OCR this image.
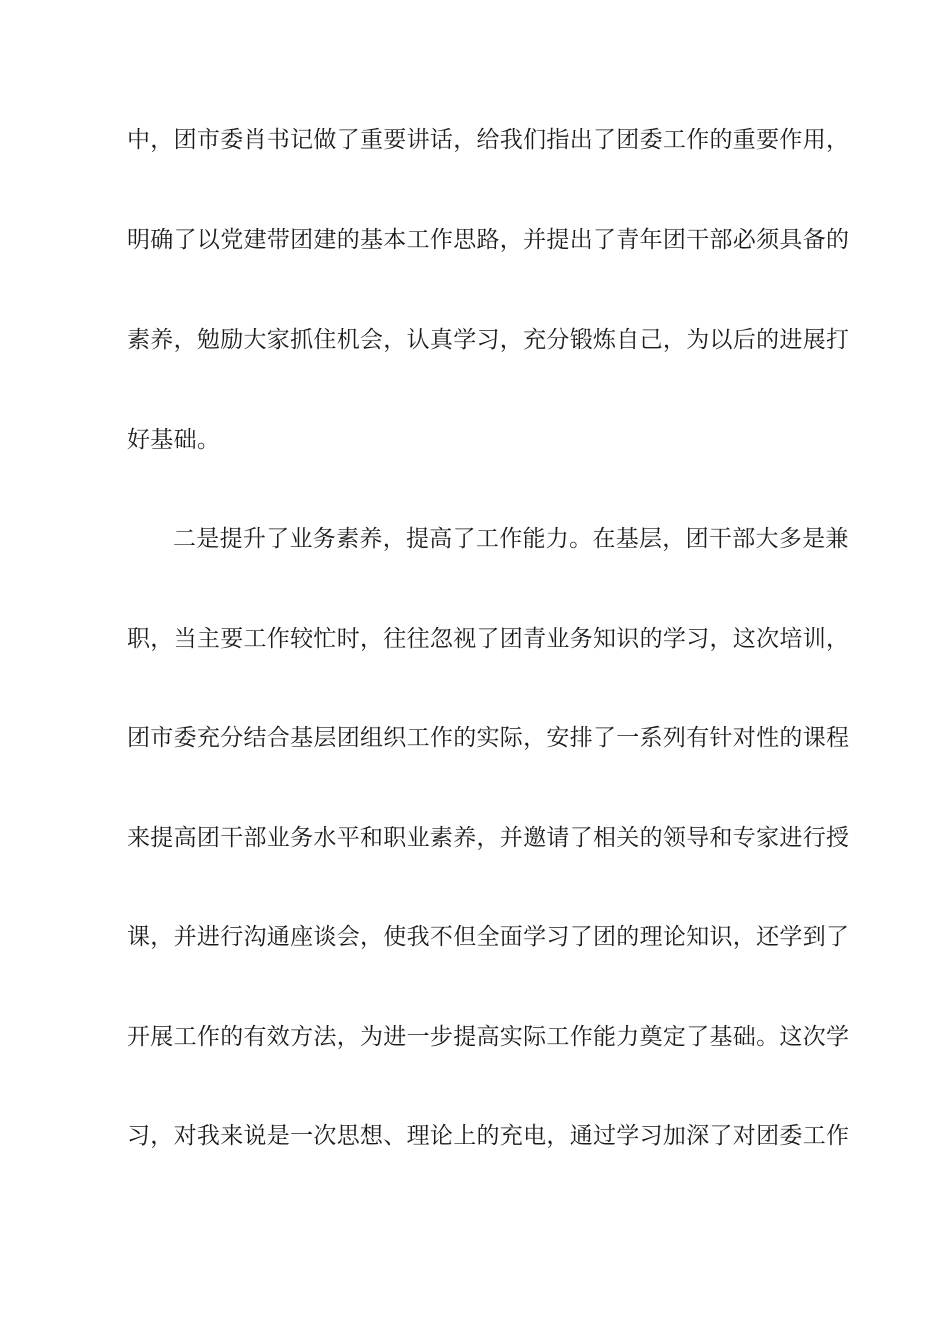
中，团市委肖书记做了重要讲话，给我们指出了团委工作的重要作用，
明确了以党建带团建的基本工作思路，并提出了青年团干部必须具备的
素养，勉励大家抓住机会，认真学习，充分锻炼自己，为以后的进展打
好基础。
二是提升了业务素养，提高了工作能力。在基层，团干部大多是兼
职，当主要工作较忙时，往往忽视了团青业务知识的学习，这次培训，
团市委充分结合基层团组织工作的实际，安排了一系列有针对性的课程
来提高团干部业务水平和职业素养，并邀请了相关的领导和专家进行授
课，并进行沟通座谈会，使我不但全面学习了团的理论知识，还学到了
开展工作的有效方法，为进一步提高实际工作能力奠定了基础。这次学
习，对我来说是一次思想、理论上的充电，通过学习加深了对团委工作
